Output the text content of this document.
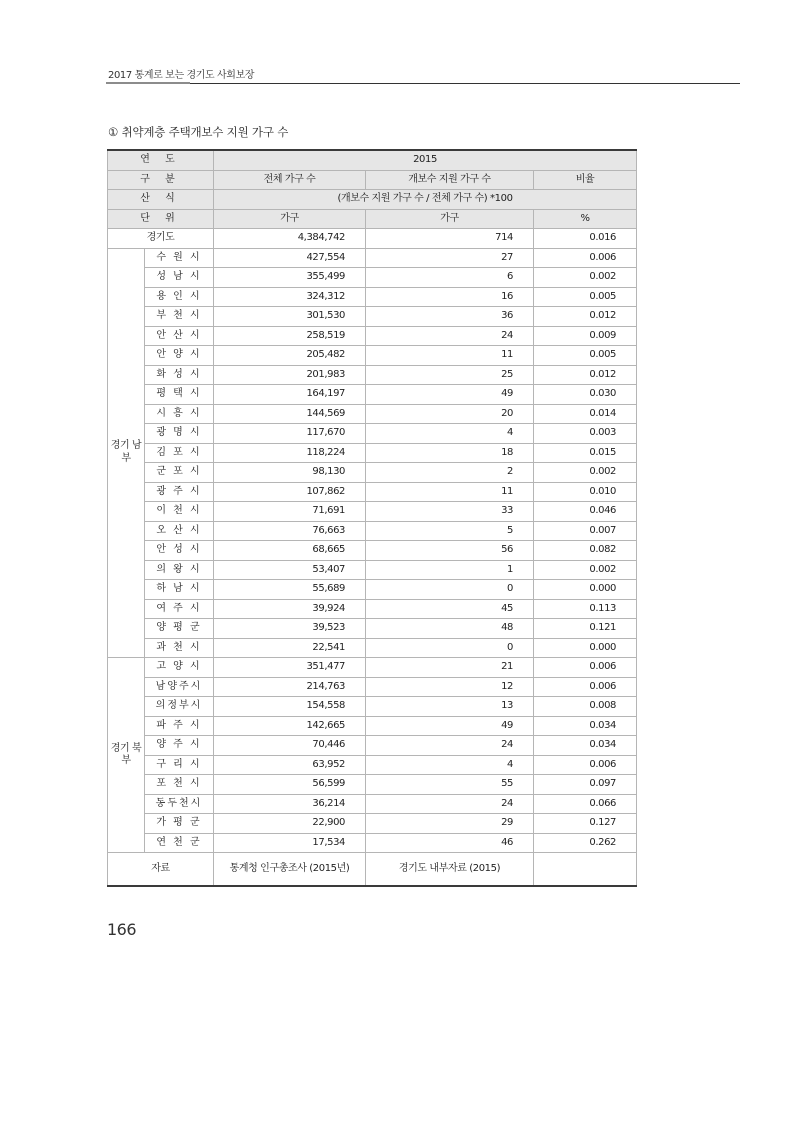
2017 통계로 보는 경기도 사회보장
① 취약계층 주택개보수 지원 가구 수
연 도		2015		
구 분		전체 가구 수	개보수 지원 가구 수	비율
산 식		(개보수 지원 가구 수 / 전체 가구 수) *100		
단 위		가구	가구	%
경기도		4,384,742	714	0.016
경기 남부	수 원 시	427,554	27	0.006
	성 남 시	355,499	6	0.002
	용 인 시	324,312	16	0.005
	부 천 시	301,530	36	0.012
	안 산 시	258,519	24	0.009
	안 양 시	205,482	11	0.005
	화 성 시	201,983	25	0.012
	평 택 시	164,197	49	0.030
	시 흥 시	144,569	20	0.014
	광 명 시	117,670	4	0.003
	김 포 시	118,224	18	0.015
	군 포 시	98,130	2	0.002
	광 주 시	107,862	11	0.010
	이 천 시	71,691	33	0.046
	오 산 시	76,663	5	0.007
	안 성 시	68,665	56	0.082
	의 왕 시	53,407	1	0.002
	하 남 시	55,689	0	0.000
	여 주 시	39,924	45	0.113
	양 평 군	39,523	48	0.121
	과 천 시	22,541	0	0.000
경기 북부	고 양 시	351,477	21	0.006
	남양주시	214,763	12	0.006
	의정부시	154,558	13	0.008
	파 주 시	142,665	49	0.034
	양 주 시	70,446	24	0.034
	구 리 시	63,952	4	0.006
	포 천 시	56,599	55	0.097
	동두천시	36,214	24	0.066
	가 평 군	22,900	29	0.127
	연 천 군	17,534	46	0.262
자료		통계청 인구총조사 (2015년)	경기도 내부자료 (2015)	
166
